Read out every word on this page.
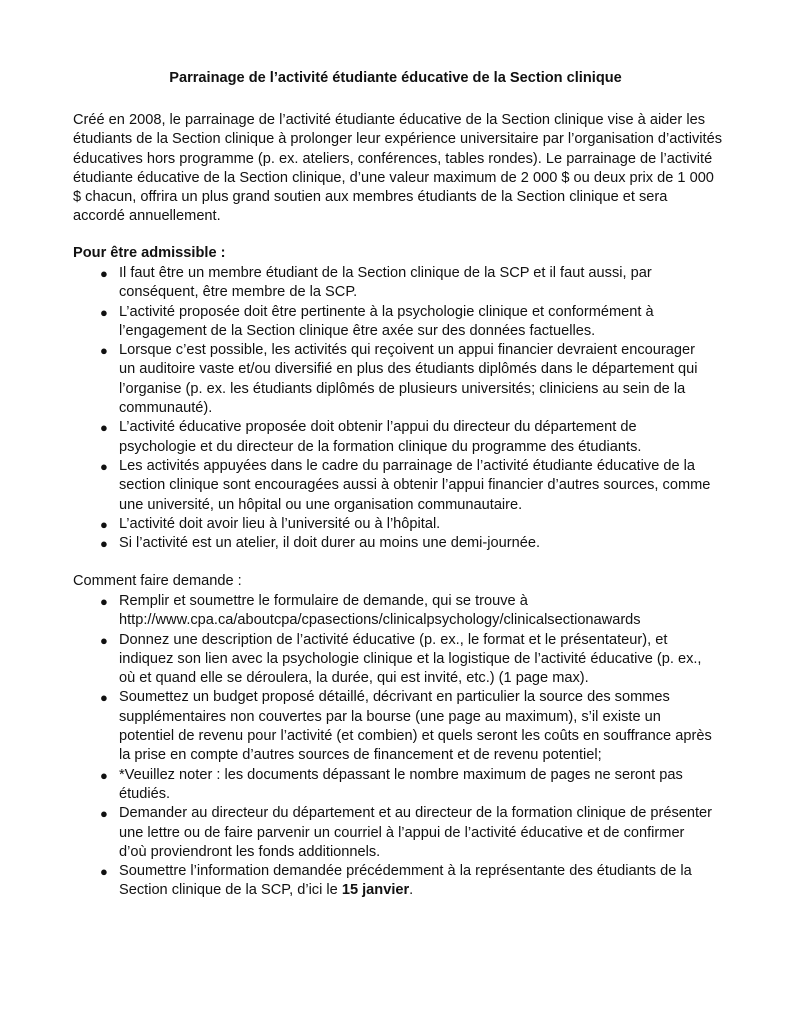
Parrainage de l’activité étudiante éducative de la Section clinique

Créé en 2008, le parrainage de l’activité étudiante éducative de la Section clinique vise à aider les étudiants de la Section clinique à prolonger leur expérience universitaire par l’organisation d’activités éducatives hors programme (p. ex. ateliers, conférences, tables rondes). Le parrainage de l’activité étudiante éducative de la Section clinique, d’une valeur maximum de 2 000 $ ou deux prix de 1 000 $ chacun, offrira un plus grand soutien aux membres étudiants de la Section clinique et sera accordé annuellement.

Pour être admissible :

● Il faut être un membre étudiant de la Section clinique de la SCP et il faut aussi, par conséquent, être membre de la SCP.
● L’activité proposée doit être pertinente à la psychologie clinique et conformément à l’engagement de la Section clinique être axée sur des données factuelles.
● Lorsque c’est possible, les activités qui reçoivent un appui financier devraient encourager un auditoire vaste et/ou diversifié en plus des étudiants diplômés dans le département qui l’organise (p. ex. les étudiants diplômés de plusieurs universités; cliniciens au sein de la communauté).
● L’activité éducative proposée doit obtenir l’appui du directeur du département de psychologie et du directeur de la formation clinique du programme des étudiants.
● Les activités appuyées dans le cadre du parrainage de l’activité étudiante éducative de la section clinique sont encouragées aussi à obtenir l’appui financier d’autres sources, comme une université, un hôpital ou une organisation communautaire.
● L’activité doit avoir lieu à l’université ou à l’hôpital.
● Si l’activité est un atelier, il doit durer au moins une demi-journée.

Comment faire demande :

● Remplir et soumettre le formulaire de demande, qui se trouve à http://www.cpa.ca/aboutcpa/cpasections/clinicalpsychology/clinicalsectionawards
● Donnez une description de l’activité éducative (p. ex., le format et le présentateur), et indiquez son lien avec la psychologie clinique et la logistique de l’activité éducative (p. ex., où et quand elle se déroulera, la durée, qui est invité, etc.) (1 page max).
● Soumettez un budget proposé détaillé, décrivant en particulier la source des sommes supplémentaires non couvertes par la bourse (une page au maximum), s’il existe un potentiel de revenu pour l’activité (et combien) et quels seront les coûts en souffrance après la prise en compte d’autres sources de financement et de revenu potentiel;
● *Veuillez noter : les documents dépassant le nombre maximum de pages ne seront pas étudiés.
● Demander au directeur du département et au directeur de la formation clinique de présenter une lettre ou de faire parvenir un courriel à l’appui de l’activité éducative et de confirmer d’où proviendront les fonds additionnels.
● Soumettre l’information demandée précédemment à la représentante des étudiants de la Section clinique de la SCP, d’ici le 15 janvier.
